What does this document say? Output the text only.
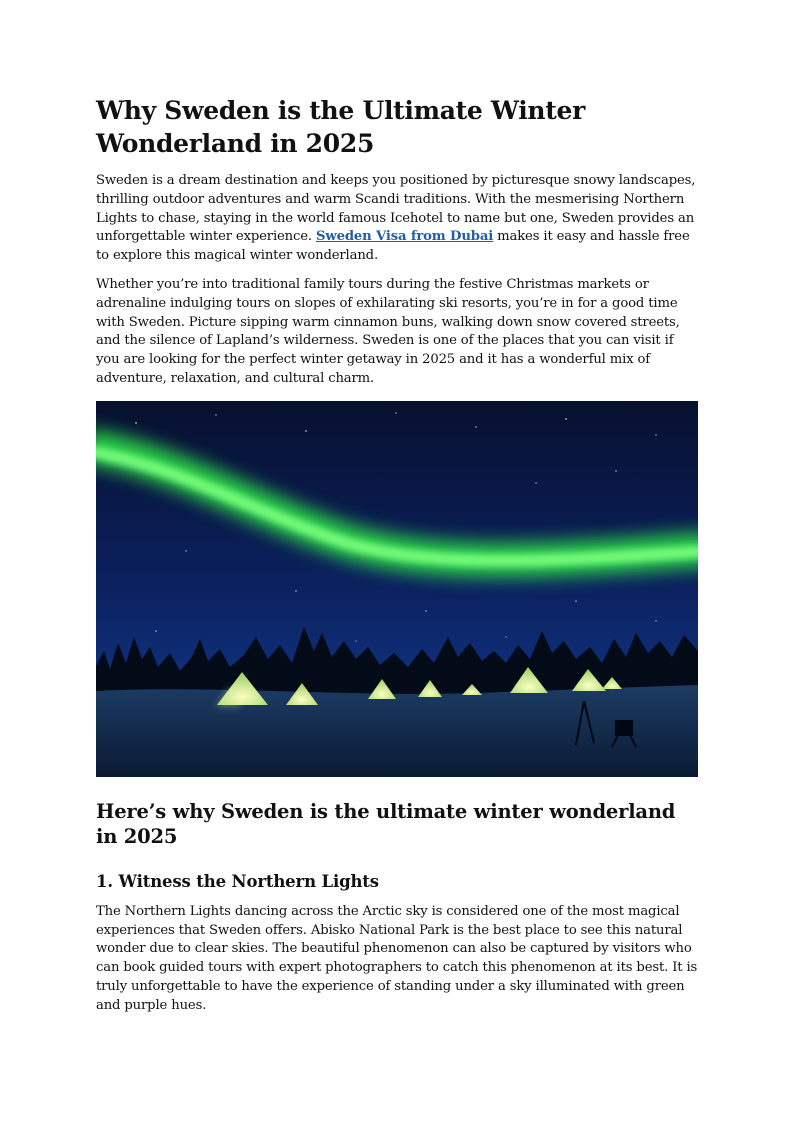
Why Sweden is the Ultimate Winter Wonderland in 2025

Sweden is a dream destination and keeps you positioned by picturesque snowy landscapes, thrilling outdoor adventures and warm Scandi traditions. With the mesmerising Northern Lights to chase, staying in the world famous Icehotel to name but one, Sweden provides an unforgettable winter experience. Sweden Visa from Dubai makes it easy and hassle free to explore this magical winter wonderland.

Whether you’re into traditional family tours during the festive Christmas markets or adrenaline indulging tours on slopes of exhilarating ski resorts, you’re in for a good time with Sweden. Picture sipping warm cinnamon buns, walking down snow covered streets, and the silence of Lapland’s wilderness. Sweden is one of the places that you can visit if you are looking for the perfect winter getaway in 2025 and it has a wonderful mix of adventure, relaxation, and cultural charm.

Here’s why Sweden is the ultimate winter wonderland in 2025
1. Witness the Northern Lights

The Northern Lights dancing across the Arctic sky is considered one of the most magical experiences that Sweden offers. Abisko National Park is the best place to see this natural wonder due to clear skies. The beautiful phenomenon can also be captured by visitors who can book guided tours with expert photographers to catch this phenomenon at its best. It is truly unforgettable to have the experience of standing under a sky illuminated with green and purple hues.
